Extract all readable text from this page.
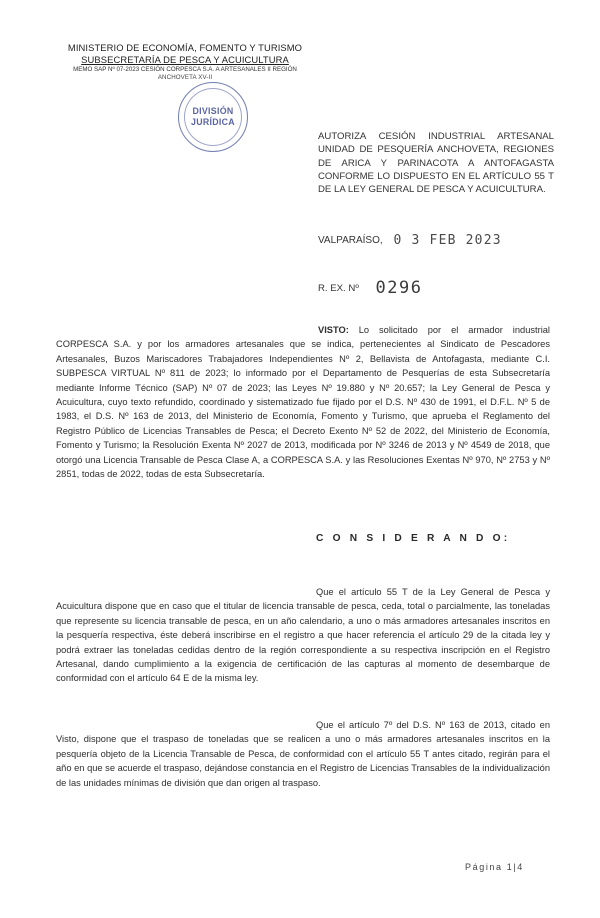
MINISTERIO DE ECONOMÍA, FOMENTO Y TURISMO
SUBSECRETARÍA DE PESCA Y ACUICULTURA
MEMO SAP Nº 07-2023 CESIÓN CORPESCA S.A. A ARTESANALES II REGIÓN
ANCHOVETA XV-II
DIVISIÓN
JURÍDICA
AUTORIZA CESIÓN INDUSTRIAL ARTESANAL UNIDAD DE PESQUERÍA ANCHOVETA, REGIONES DE ARICA Y PARINACOTA A ANTOFAGASTA CONFORME LO DISPUESTO EN EL ARTÍCULO 55 T DE LA LEY GENERAL DE PESCA Y ACUICULTURA.
VALPARAÍSO, 0 3 FEB 2023
R. EX. Nº 0296
VISTO: Lo solicitado por el armador industrial CORPESCA S.A. y por los armadores artesanales que se indica, pertenecientes al Sindicato de Pescadores Artesanales, Buzos Mariscadores Trabajadores Independientes Nº 2, Bellavista de Antofagasta, mediante C.I. SUBPESCA VIRTUAL Nº 811 de 2023; lo informado por el Departamento de Pesquerías de esta Subsecretaría mediante Informe Técnico (SAP) Nº 07 de 2023; las Leyes Nº 19.880 y Nº 20.657; la Ley General de Pesca y Acuicultura, cuyo texto refundido, coordinado y sistematizado fue fijado por el D.S. Nº 430 de 1991, el D.F.L. Nº 5 de 1983, el D.S. Nº 163 de 2013, del Ministerio de Economía, Fomento y Turismo, que aprueba el Reglamento del Registro Público de Licencias Transables de Pesca; el Decreto Exento Nº 52 de 2022, del Ministerio de Economía, Fomento y Turismo; la Resolución Exenta Nº 2027 de 2013, modificada por Nº 3246 de 2013 y Nº 4549 de 2018, que otorgó una Licencia Transable de Pesca Clase A, a CORPESCA S.A. y las Resoluciones Exentas Nº 970, Nº 2753 y Nº 2851, todas de 2022, todas de esta Subsecretaría.
C O N S I D E R A N D O:
Que el artículo 55 T de la Ley General de Pesca y Acuicultura dispone que en caso que el titular de licencia transable de pesca, ceda, total o parcialmente, las toneladas que represente su licencia transable de pesca, en un año calendario, a uno o más armadores artesanales inscritos en la pesquería respectiva, éste deberá inscribirse en el registro a que hacer referencia el artículo 29 de la citada ley y podrá extraer las toneladas cedidas dentro de la región correspondiente a su respectiva inscripción en el Registro Artesanal, dando cumplimiento a la exigencia de certificación de las capturas al momento de desembarque de conformidad con el artículo 64 E de la misma ley.
Que el artículo 7º del D.S. Nº 163 de 2013, citado en Visto, dispone que el traspaso de toneladas que se realicen a uno o más armadores artesanales inscritos en la pesquería objeto de la Licencia Transable de Pesca, de conformidad con el artículo 55 T antes citado, regirán para el año en que se acuerde el traspaso, dejándose constancia en el Registro de Licencias Transables de la individualización de las unidades mínimas de división que dan origen al traspaso.
Página 1|4
